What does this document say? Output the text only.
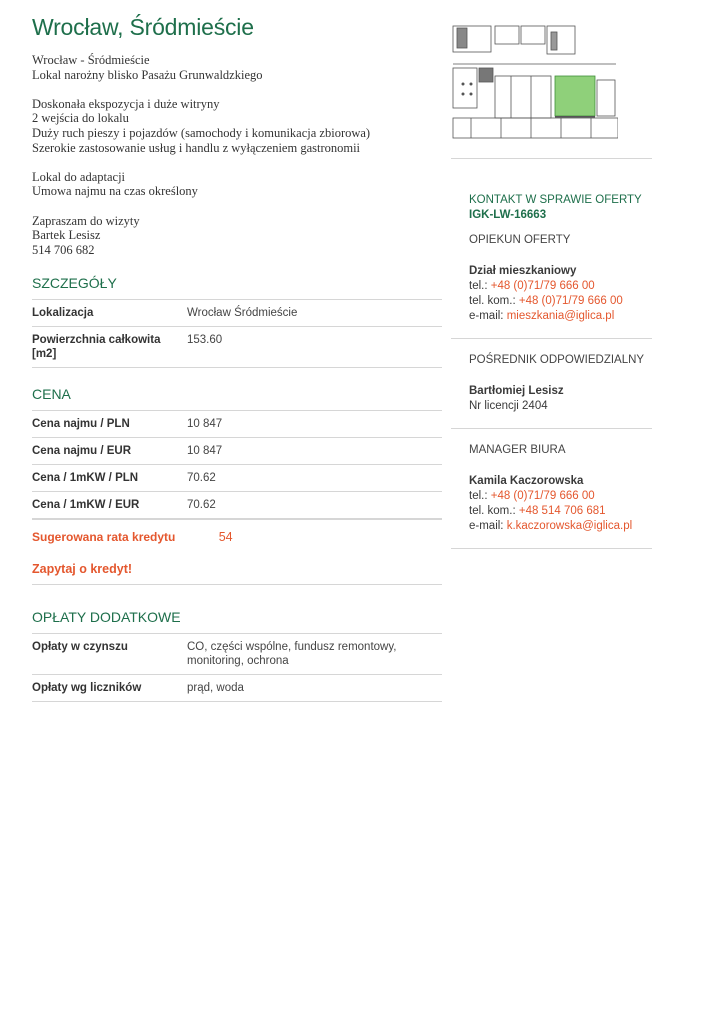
Wrocław, Śródmieście
Wrocław - Śródmieście
Lokal narożny blisko Pasażu Grunwaldzkiego
Doskonała ekspozycja i duże witryny
2 wejścia do lokalu
Duży ruch pieszy i pojazdów (samochody i komunikacja zbiorowa)
Szerokie zastosowanie usług i handlu z wyłączeniem gastronomii
Lokal do adaptacji
Umowa najmu na czas określony
Zapraszam do wizyty
Bartek Lesisz
514 706 682
SZCZEGÓŁY
Lokalizacja	Wrocław Śródmieście
Powierzchnia całkowita [m2]	153.60
CENA
Cena najmu / PLN	10 847
Cena najmu / EUR	10 847
Cena / 1mKW / PLN	70.62
Cena / 1mKW / EUR	70.62
Sugerowana rata kredytu	54
Zapytaj o kredyt!
OPŁATY DODATKOWE
Opłaty w czynszu	CO, części wspólne, fundusz remontowy, monitoring, ochrona
Opłaty wg liczników	prąd, woda
KONTAKT W SPRAWIE OFERTY
IGK-LW-16663
OPIEKUN OFERTY
Dział mieszkaniowy
tel.: +48 (0)71/79 666 00
tel. kom.: +48 (0)71/79 666 00
e-mail: mieszkania@iglica.pl
POŚREDNIK ODPOWIEDZIALNY
Bartłomiej Lesisz
Nr licencji 2404
MANAGER BIURA
Kamila Kaczorowska
tel.: +48 (0)71/79 666 00
tel. kom.: +48 514 706 681
e-mail: k.kaczorowska@iglica.pl
